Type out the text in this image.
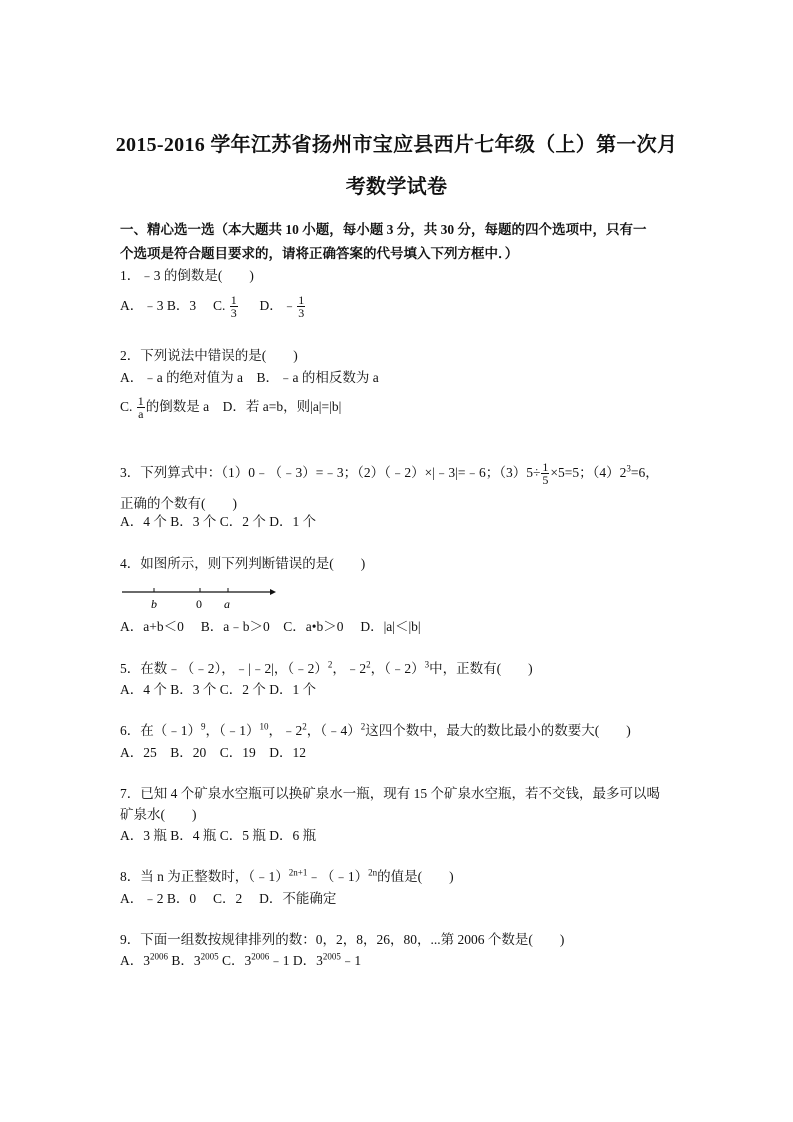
2015-2016 学年江苏省扬州市宝应县西片七年级（上）第一次月
考数学试卷
一、精心选一选（本大题共 10 小题，每小题 3 分，共 30 分，每题的四个选项中，只有一
个选项是符合题目要求的，请将正确答案的代号填入下列方框中．）
1．﹣3 的倒数是(　　)
A．﹣3 B．3　 C. $\frac{1}{3}$ D．﹣ $\frac{1}{3}$
2．下列说法中错误的是(　　)
A．﹣a 的绝对值为 a　B．﹣a 的相反数为 a
C. $\frac{1}{a}$ 的倒数是 a　D．若 a=b，则|a|=|b|
3．下列算式中：（1）0﹣（﹣3）=﹣3；（2）（﹣2）×|﹣3|=﹣6；$(3)5\div \frac{1}{5} \times 5=5$；$(4)2^3=6$，
正确的个数有(　　)
A．4 个 B．3 个 C．2 个 D．1 个
4．如图所示，则下列判断错误的是(　　)
b	0 a
A．a+b＜0　 B．a﹣b＞0　C．a•b＞0　 D．|a|＜|b|
5．在数﹣（﹣2），﹣|﹣2|，（﹣2）$^2$，$﹣2^2$，（﹣2）$^3$中，正数有(　　)
A．4 个 B．3 个 C．2 个 D．1 个
6．在（﹣1）$^9$，（﹣1）$^{10}$，$﹣2^2$，（﹣4）$^2$这四个数中，最大的数比最小的数要大(　　)
A．25　B．20　C．19　D．12
7．已知 4 个矿泉水空瓶可以换矿泉水一瓶，现有 15 个矿泉水空瓶，若不交钱，最多可以喝
矿泉水(　　)
A．3 瓶 B．4 瓶 C．5 瓶 D．6 瓶
8．当 n 为正整数时，（﹣1）$^{2n+1}$﹣（﹣1）$^{2n}$的值是(　　)
A．﹣2 B．0　 C．2　 D．不能确定
9．下面一组数按规律排列的数：0，2，8，26，80，...第 2006 个数是(　　)
A．$3^{2006}$ B．$3^{2005}$ C．$3^{2006}﹣1$ D．$3^{2005}﹣1$
